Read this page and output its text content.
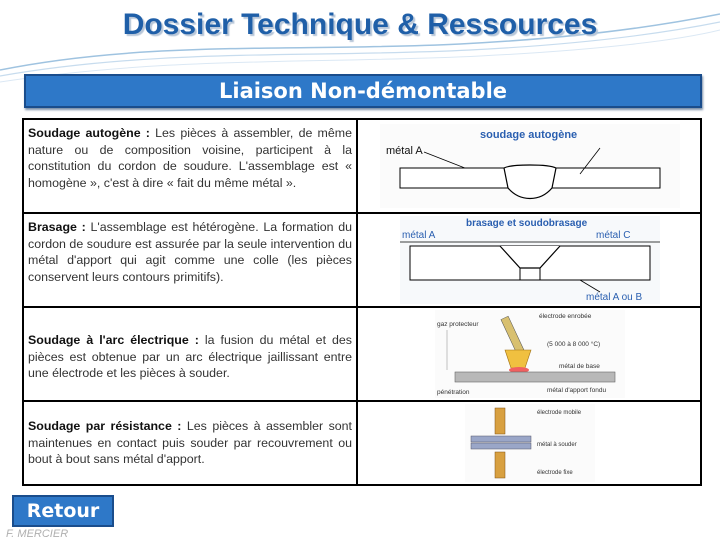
Dossier Technique & Ressources
Liaison Non-démontable
Soudage autogène : Les pièces à assembler, de même nature ou de composition voisine, participent à la constitution du cordon de soudure. L'assemblage est « homogène », c'est à dire « fait du même métal ».
soudage autogène
métal A
Brasage : L'assemblage est hétérogène. La formation du cordon de soudure est assurée par la seule intervention du métal d'apport qui agit comme une colle (les pièces conservent leurs contours primitifs).
brasage et soudobrasage
métal A	métal C
métal A ou B
Soudage à l'arc électrique : la fusion du métal et des pièces est obtenue par un arc électrique jaillissant entre une électrode et les pièces à souder.
électrode enrobée
gaz protecteur
(5 000 à 8 000 °C)
métal de base
métal d'apport fondu
pénétration
Soudage par résistance : Les pièces à assembler sont maintenues en contact puis souder par recouvrement ou bout à bout sans métal d'apport.
électrode mobile
métal à souder
électrode fixe
Retour
F. MERCIER
